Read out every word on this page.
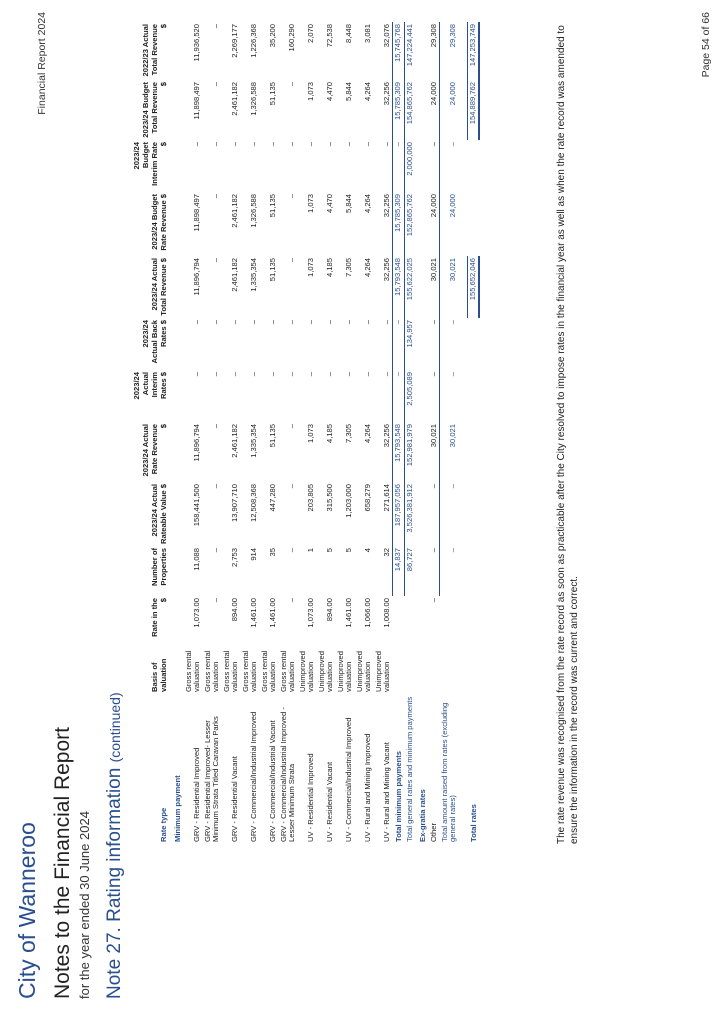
City of Wanneroo Notes to the Financial Report for the year ended 30 June 2024 Note 27. Rating information (continued)
Financial Report 2024	Page 54 of 66
Rate type	Basis of valuation	Rate in the $	Number of Properties	2023/24 Actual Rateable Value $	2023/24 Actual Rate Revenue $	2023/24 Actual Interim Rates $	2023/24 Actual Back Rates $	2023/24 Actual Total Revenue $	2023/24 Budget Rate Revenue $	2023/24 Budget Interim Rate $	2023/24 Budget Total Revenue $	2022/23 Actual Total Revenue $
Minimum payment												
GRV - Residential Improved	Gross rental valuation	1,073.00	11,088	158,441,500	11,896,794	–	–	11,896,794	11,898,497	–	11,898,497	11,936,520
GRV - Residential Improved- Lesser Minimum Strata Titled Caravan Parks	Gross rental valuation	–	–	–	–	–	–	–	–	–	–	–
GRV - Residential Vacant	Gross rental valuation	894.00	2,753	13,907,710	2,461,182	–	–	2,461,182	2,461,182	–	2,461,182	2,269,177
GRV - Commercial/Industrial Improved	Gross rental valuation	1,461.00	914	12,508,368	1,335,354	–	–	1,335,354	1,326,588	–	1,326,588	1,226,368
GRV - Commercial/Industrial Vacant	Gross rental valuation	1,461.00	35	447,280	51,135	–	–	51,135	51,135	–	51,135	35,200
GRV - Commercial/Industrial Improved - Lesser Minimum Strata	Gross rental valuation	–	–	–	–	–	–	–	–	–	–	160,290
UV - Residential Improved	Unimproved valuation	1,073.00	1	203,805	1,073	–	–	1,073	1,073	–	1,073	2,070
UV - Residential Vacant	Unimproved valuation	894.00	5	315,500	4,185	–	–	4,185	4,470	–	4,470	72,538
UV - Commercial/Industrial Improved	Unimproved valuation	1,461.00	5	1,203,000	7,305	–	–	7,305	5,844	–	5,844	8,448
UV - Rural and Mining Improved	Unimproved valuation	1,066.00	4	658,279	4,264	–	–	4,264	4,264	–	4,264	3,081
UV - Rural and Mining Vacant	Unimproved valuation	1,008.00	32	271,614	32,256	–	–	32,256	32,256	–	32,256	32,076
Total minimum payments			14,837	187,957,056	15,793,548	–	–	15,793,548	15,785,309	–	15,785,309	15,745,768
Total general rates and minimum payments			86,727	3,526,381,912	152,981,979	2,505,089	134,957	155,622,025	152,865,762	2,000,000	154,865,762	147,224,441
Ex-gratia rates												
Other		–	–	–	30,021	–	–	30,021	24,000	–	24,000	29,308
Total amount raised from rates (excluding general rates)			–	–	30,021	–	–	30,021	24,000	–	24,000	29,308

Total rates								155,652,046			154,889,762	147,253,749	The rate revenue was recognised from the rate record as soon as practicable after the City resolved to impose rates in the financial year as well as when the rate record was amended to ensure the information in the record was current and correct.
